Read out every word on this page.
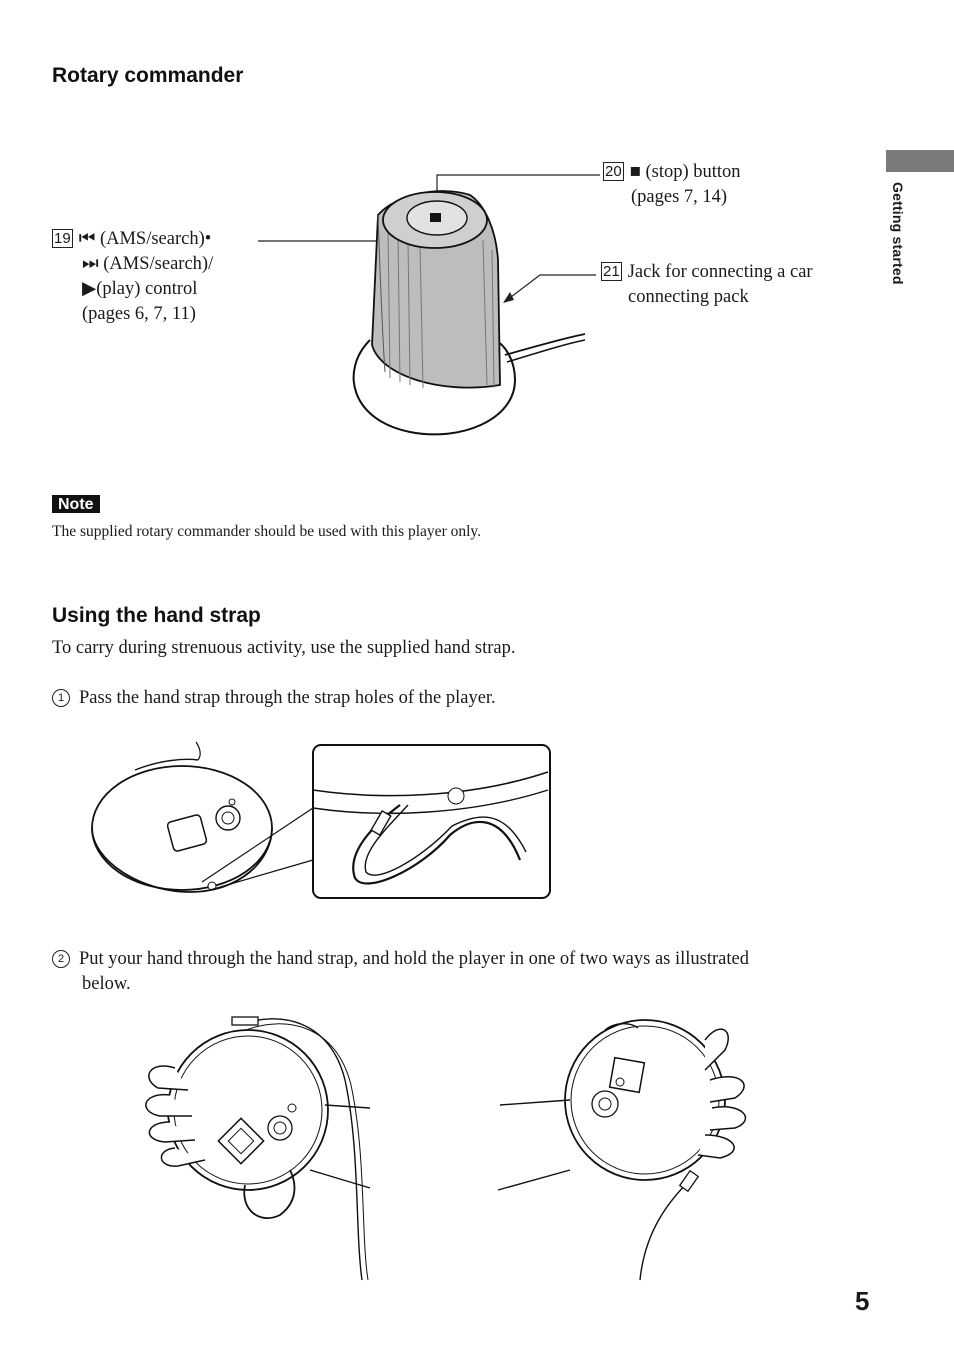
Getting started
Rotary commander
19 ⏮ (AMS/search)•
⏭ (AMS/search)/
▶(play) control
(pages 6, 7, 11)
20 ■ (stop) button
(pages 7, 14)
21 Jack for connecting a car
connecting pack
Note
The supplied rotary commander should be used with this player only.
Using the hand strap
To carry during strenuous activity, use the supplied hand strap.
1 Pass the hand strap through the strap holes of the player.
2 Put your hand through the hand strap, and hold the player in one of two ways as illustrated
below.
5
